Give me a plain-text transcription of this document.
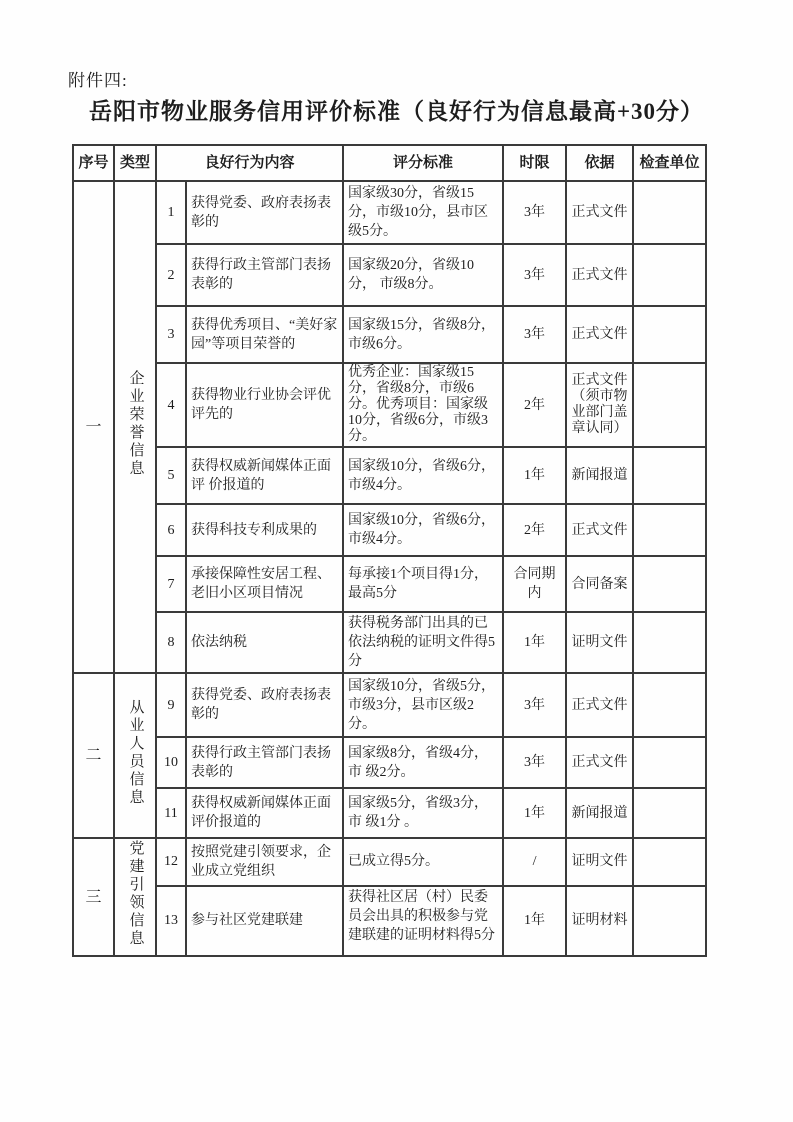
附件四:
岳阳市物业服务信用评价标准（良好行为信息最高+30分）
序号	类型	良好行为内容		评分标准	时限	依据	检查单位
一	企业荣誉信息	1	获得党委、政府表扬表彰的	国家级30分，省级15分，市级10分，县市区级5分。	3年	正式文件	
		2	获得行政主管部门表扬表彰的	国家级20分，省级10分， 市级8分。	3年	正式文件	
		3	获得优秀项目、“美好家园”等项目荣誉的	国家级15分，省级8分， 市级6分。	3年	正式文件	
		4	获得物业行业协会评优评先的	优秀企业：国家级15分，省级8分，市级6分。优秀项目：国家级10分，省级6分，市级3分。	2年	正式文件（须市物业部门盖章认同）	
		5	获得权威新闻媒体正面评 价报道的	国家级10分，省级6分，市级4分。	1年	新闻报道	
		6	获得科技专利成果的	国家级10分，省级6分，市级4分。	2年	正式文件	
		7	承接保障性安居工程、老旧小区项目情况	每承接1个项目得1分，最高5分	合同期内	合同备案	
		8	依法纳税	获得税务部门出具的已依法纳税的证明文件得5分	1年	证明文件	
二	从业人员信息	9	获得党委、政府表扬表彰的	国家级10分，省级5分，市级3分，县市区级2分。	3年	正式文件	
		10	获得行政主管部门表扬表彰的	国家级8分，省级4分，市 级2分。	3年	正式文件	
		11	获得权威新闻媒体正面评价报道的	国家级5分，省级3分，市 级1分 。	1年	新闻报道	
三	党建引领信息	12	按照党建引领要求，企业成立党组织	已成立得5分。	/	证明文件	
		13	参与社区党建联建	获得社区居（村）民委员会出具的积极参与党建联建的证明材料得5分	1年	证明材料	
